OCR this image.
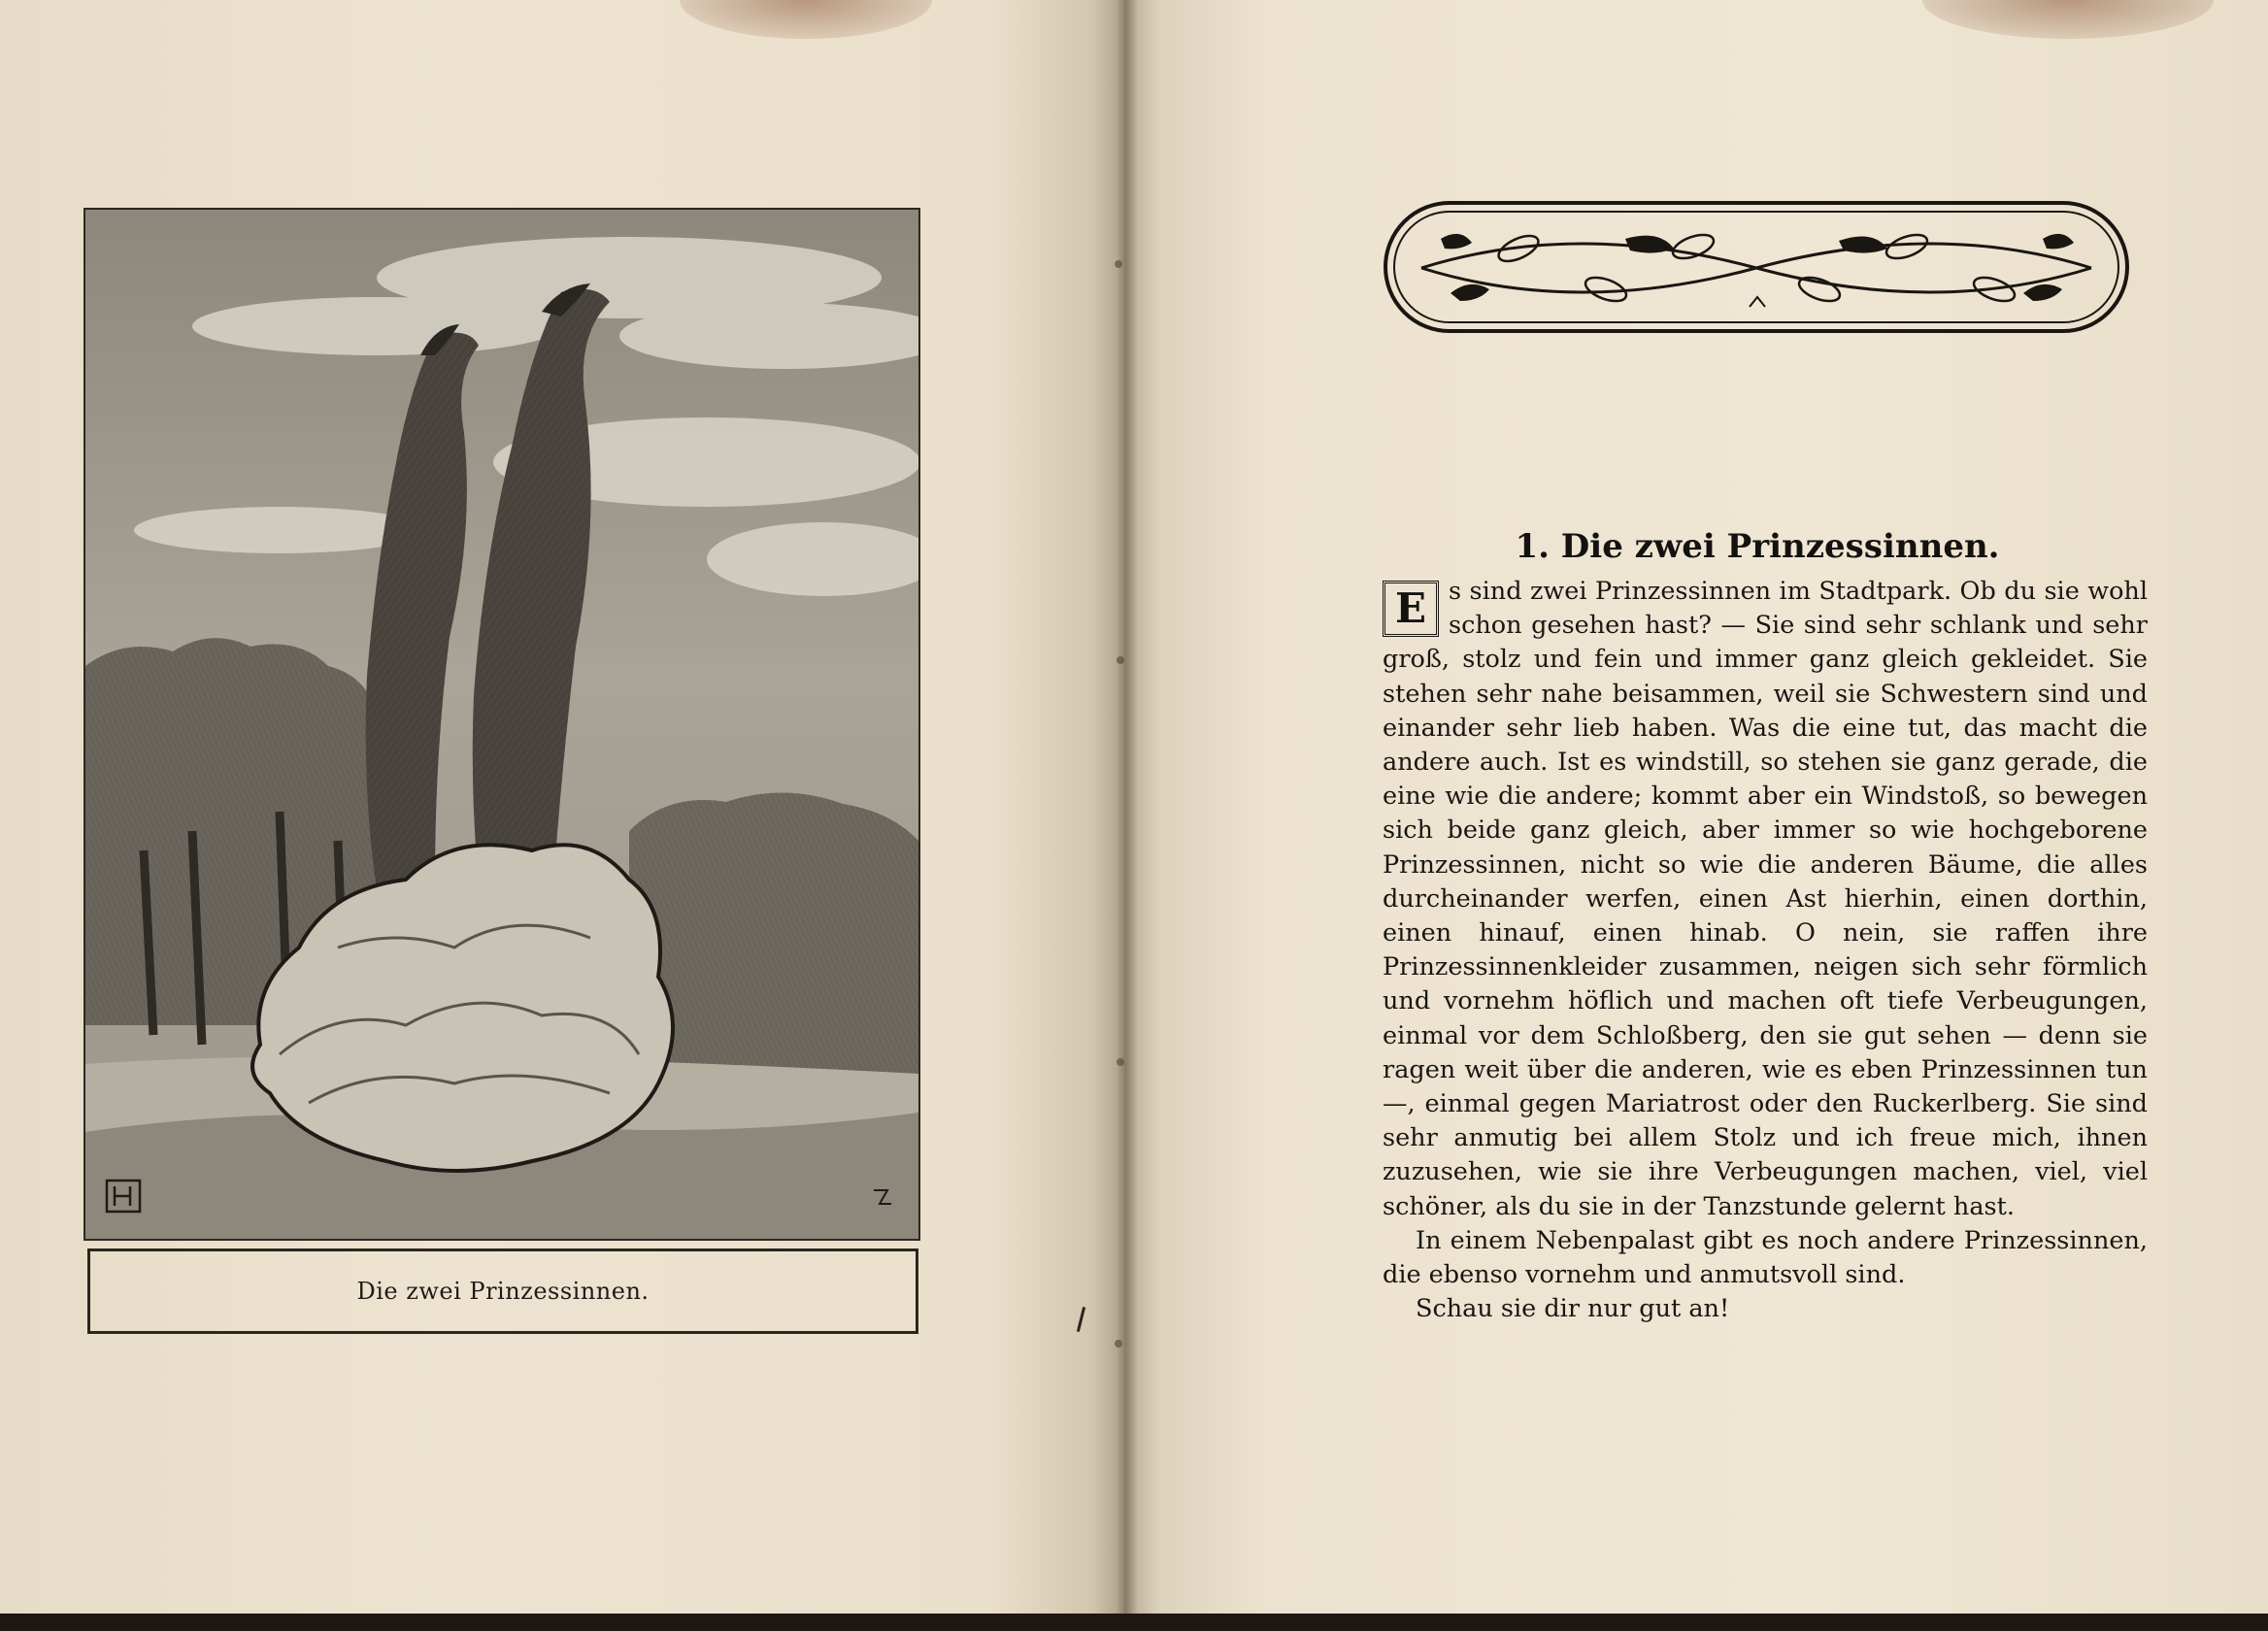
Die zwei Prinzessinnen.
1. Die zwei Prinzessinnen.

E s sind zwei Prinzessinnen im Stadtpark. Ob du sie wohl schon gesehen hast? — Sie sind sehr schlank und sehr groß, stolz und fein und immer ganz gleich gekleidet. Sie stehen sehr nahe beisammen, weil sie Schwestern sind und einander sehr lieb haben. Was die eine tut, das macht die andere auch. Ist es windstill, so stehen sie ganz gerade, die eine wie die andere; kommt aber ein Windstoß, so bewegen sich beide ganz gleich, aber immer so wie hochgeborene Prinzessinnen, nicht so wie die anderen Bäume, die alles durcheinander werfen, einen Ast hierhin, einen dorthin, einen hinauf, einen hinab. O nein, sie raffen ihre Prinzessinnenkleider zusammen, neigen sich sehr förmlich und vornehm höflich und machen oft tiefe Verbeugungen, einmal vor dem Schloßberg, den sie gut sehen — denn sie ragen weit über die anderen, wie es eben Prinzessinnen tun —, einmal gegen Mariatrost oder den Ruckerlberg. Sie sind sehr anmutig bei allem Stolz und ich freue mich, ihnen zuzusehen, wie sie ihre Verbeugungen machen, viel, viel schöner, als du sie in der Tanzstunde gelernt hast.

In einem Nebenpalast gibt es noch andere Prinzessinnen, die ebenso vornehm und anmutsvoll sind.

Schau sie dir nur gut an!
